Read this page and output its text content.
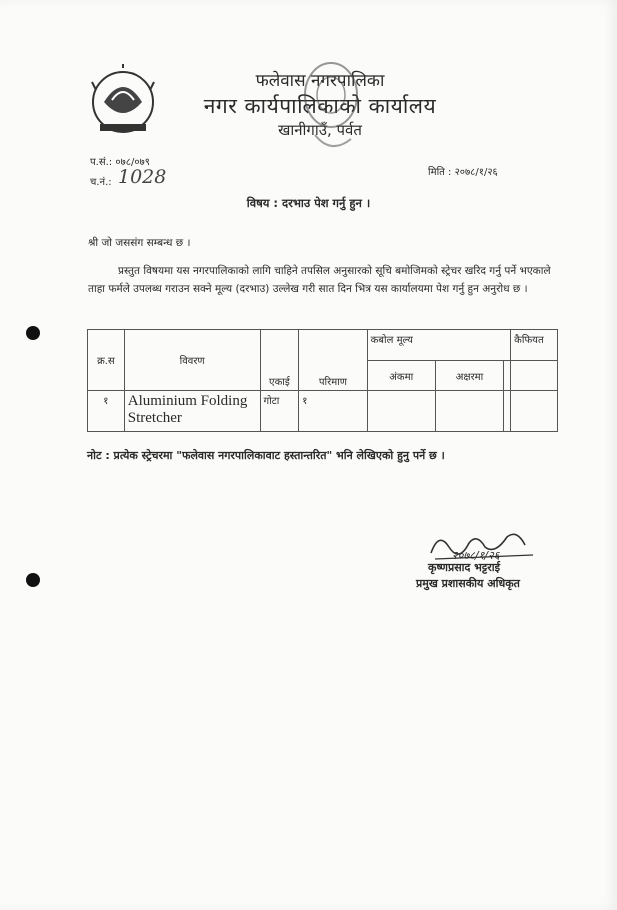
फलेवास नगरपालिका
नगर कार्यपालिकाको कार्यालय
खानीगाउँ, पर्वत
प.सं.: ०७८/०७९
च.नं.: 1028	मिति : २०७८/१/२६
विषय : दरभाउ पेश गर्नु हुन ।
श्री जो जससंग सम्बन्ध छ ।
प्रस्तुत विषयमा यस नगरपालिकाको लागि चाहिने तपसिल अनुसारको सूचि बमोजिमको स्ट्रेचर खरिद गर्नु पर्ने भएकाले ताहा फर्मले उपलब्ध गराउन सक्ने मूल्य (दरभाउ) उल्लेख गरी सात दिन भित्र यस कार्यालयमा पेश गर्नु हुन अनुरोध छ ।
क्र.स	विवरण	एकाई	परिमाण	कबोल मूल्य			कैफियत
				अंकमा	अक्षरमा		
१	Aluminium Folding Stretcher	गोटा	१				
नोट : प्रत्येक स्ट्रेचरमा "फलेवास नगरपालिकावाट हस्तान्तरित" भनि लेखिएको हुनु पर्ने छ ।
२०७८/१/२६
कृष्णप्रसाद भट्टराई
प्रमुख प्रशासकीय अधिकृत
